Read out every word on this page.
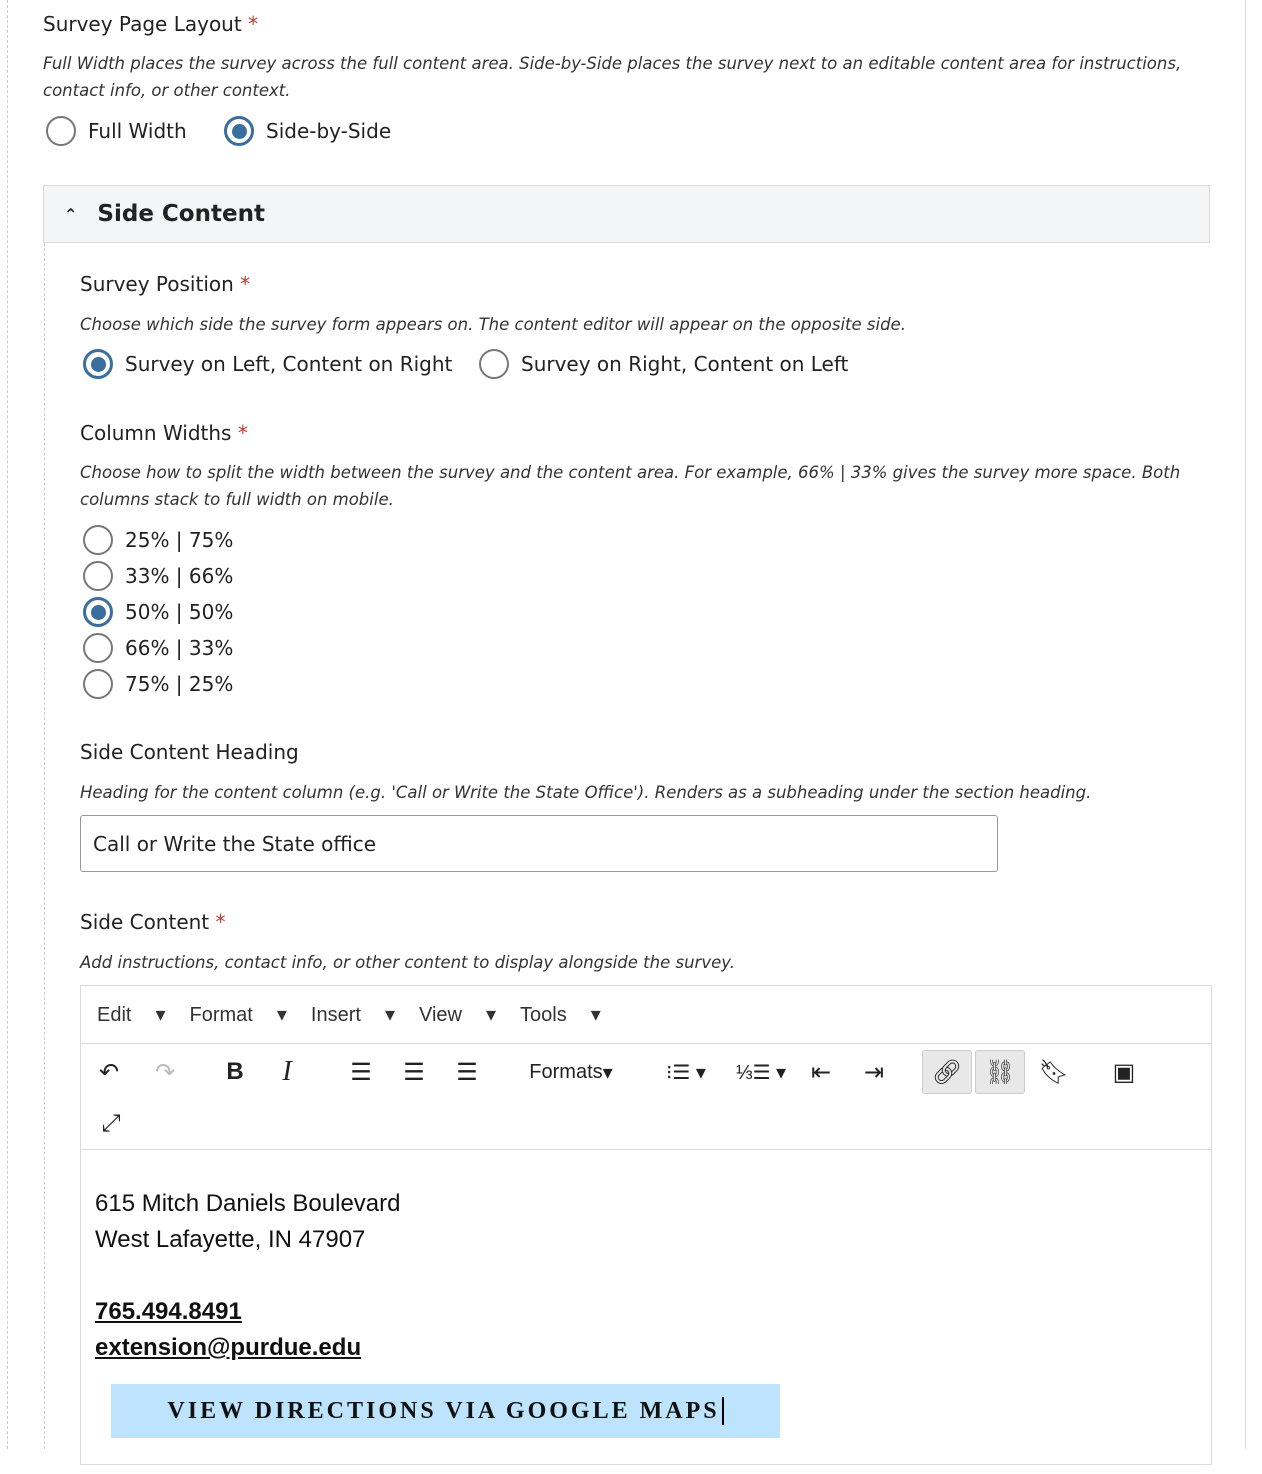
Survey Page Layout *
Full Width places the survey across the full content area. Side-by-Side places the survey next to an editable content area for instructions, contact info, or other context.
Full Width	Side-by-Side
⌃ Side Content
Survey Position *
Choose which side the survey form appears on. The content editor will appear on the opposite side.
Survey on Left, Content on Right	Survey on Right, Content on Left
Column Widths *
Choose how to split the width between the survey and the content area. For example, 66% | 33% gives the survey more space. Both columns stack to full width on mobile.
25% | 75%
33% | 66%
50% | 50%
66% | 33%
75% | 25%
Side Content Heading
Heading for the content column (e.g. 'Call or Write the State Office'). Renders as a subheading under the section heading.
Call or Write the State office
Side Content *
Add instructions, contact info, or other content to display alongside the survey.
Edit ▾ Format ▾ Insert ▾ View ▾ Tools ▾
↶	↷	B	I	☰	☰	☰	Formats ▾	⁝☰ ▾	⅓☰ ▾	⇤	⇥	🔗︎ ⛓︎ 🔖︎ ▣
⤢
615 Mitch Daniels Boulevard
West Lafayette, IN 47907
765.494.8491
extension@purdue.edu
VIEW DIRECTIONS VIA GOOGLE MAPS
